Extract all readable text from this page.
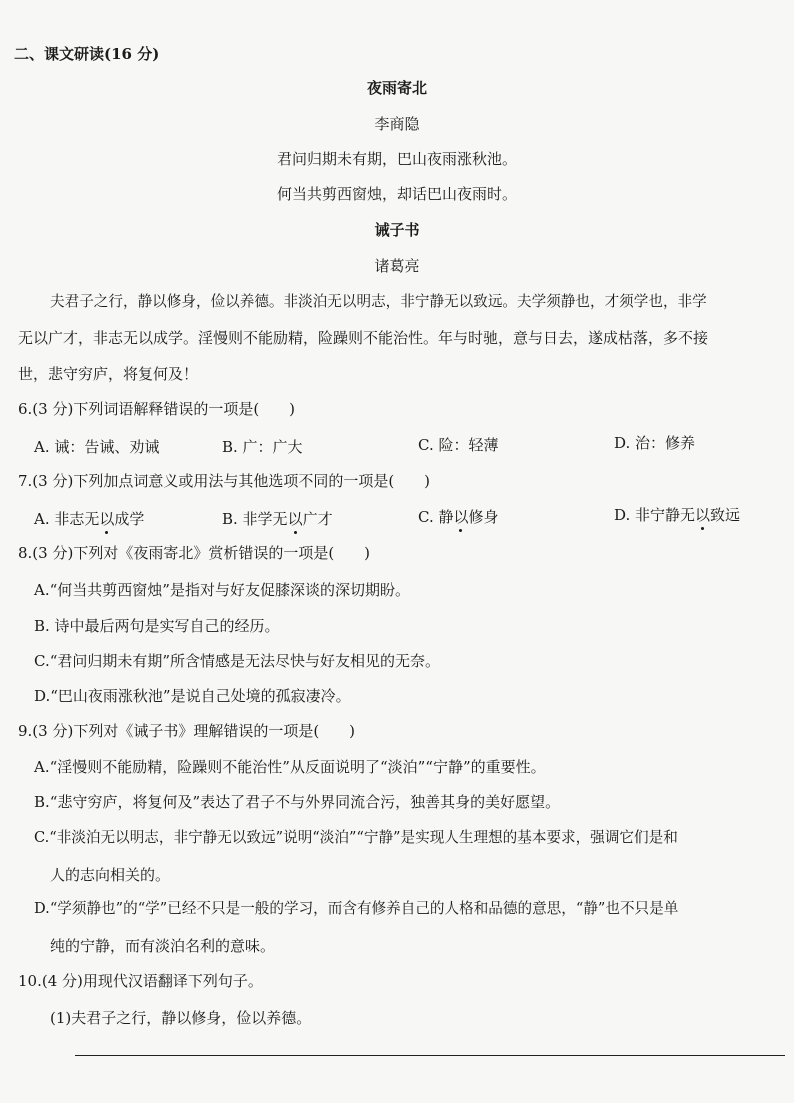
二、课文研读(16 分)
夜雨寄北
李商隐
君问归期未有期，巴山夜雨涨秋池。
何当共剪西窗烛，却话巴山夜雨时。
诫子书
诸葛亮
夫君子之行，静以修身，俭以养德。非淡泊无以明志，非宁静无以致远。夫学须静也，才须学也，非学
无以广才，非志无以成学。淫慢则不能励精，险躁则不能治性。年与时驰，意与日去，遂成枯落，多不接
世，悲守穷庐，将复何及！
6.(3 分)下列词语解释错误的一项是(　　)
A. 诫：告诫、劝诫	B. 广：广大	C. 险：轻薄	D. 治：修养
7.(3 分)下列加点词意义或用法与其他选项不同的一项是(　　)
A. 非志无以成学	B. 非学无以广才	C. 静以修身	D. 非宁静无以致远
8.(3 分)下列对《夜雨寄北》赏析错误的一项是(　　)
A.“何当共剪西窗烛”是指对与好友促膝深谈的深切期盼。
B. 诗中最后两句是实写自己的经历。
C.“君问归期未有期”所含情感是无法尽快与好友相见的无奈。
D.“巴山夜雨涨秋池”是说自己处境的孤寂凄冷。
9.(3 分)下列对《诫子书》理解错误的一项是(　　)
A.“淫慢则不能励精，险躁则不能治性”从反面说明了“淡泊”“宁静”的重要性。
B.“悲守穷庐，将复何及”表达了君子不与外界同流合污，独善其身的美好愿望。
C.“非淡泊无以明志，非宁静无以致远”说明“淡泊”“宁静”是实现人生理想的基本要求，强调它们是和
人的志向相关的。
D.“学须静也”的“学”已经不只是一般的学习，而含有修养自己的人格和品德的意思，“静”也不只是单
纯的宁静，而有淡泊名利的意味。
10.(4 分)用现代汉语翻译下列句子。
(1)夫君子之行，静以修身，俭以养德。
